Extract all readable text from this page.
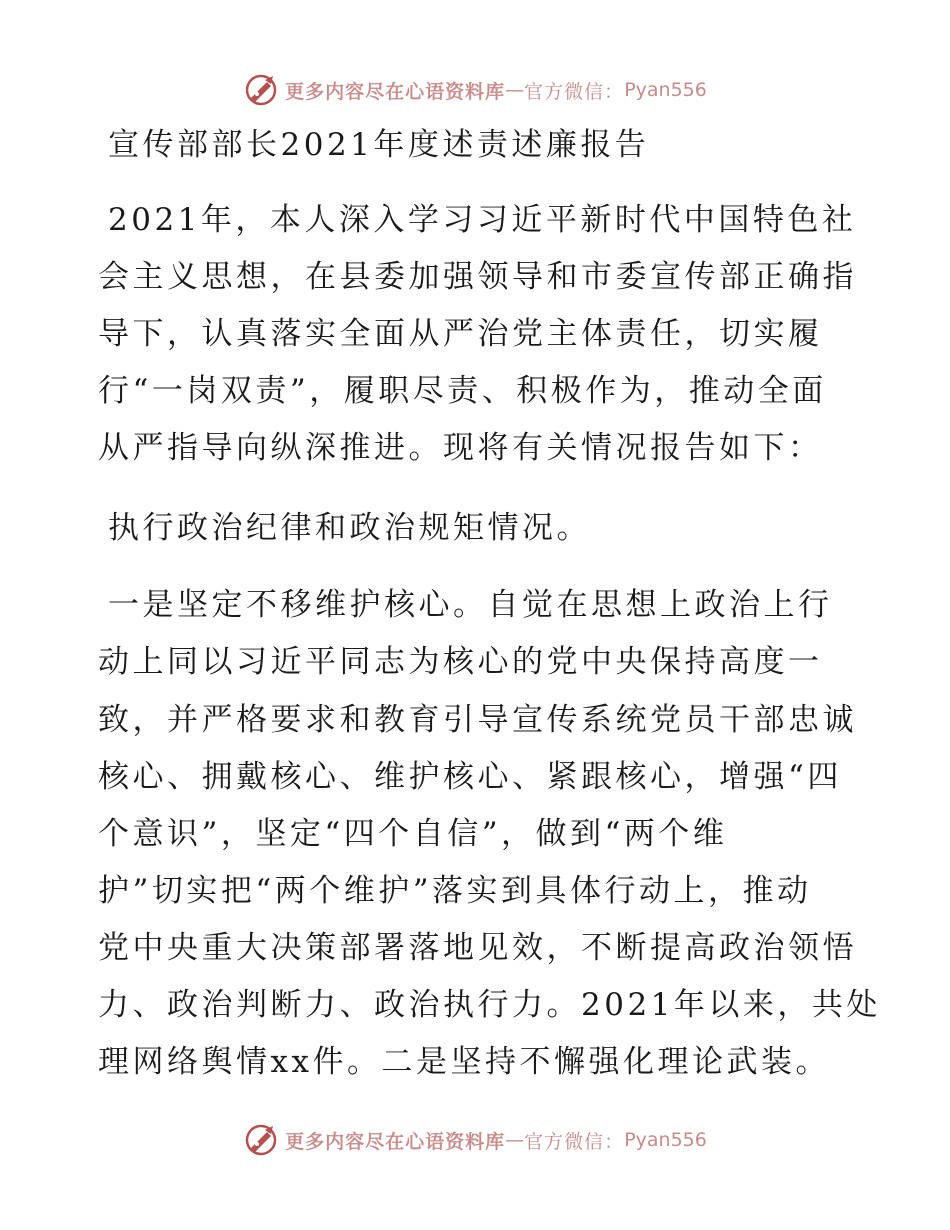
更多内容尽在心语资料库 — 官方微信： Pyan556
宣传部部长2021年度述责述廉报告
2021年，本人深入学习习近平新时代中国特色社
会主义思想，在县委加强领导和市委宣传部正确指
导下，认真落实全面从严治党主体责任，切实履
行“一岗双责”，履职尽责、积极作为，推动全面
从严指导向纵深推进。现将有关情况报告如下：
执行政治纪律和政治规矩情况。
一是坚定不移维护核心。自觉在思想上政治上行
动上同以习近平同志为核心的党中央保持高度一
致，并严格要求和教育引导宣传系统党员干部忠诚
核心、拥戴核心、维护核心、紧跟核心，增强“四
个意识”，坚定“四个自信”，做到“两个维
护”切实把“两个维护”落实到具体行动上，推动
党中央重大决策部署落地见效，不断提高政治领悟
力、政治判断力、政治执行力。2021年以来，共处
理网络舆情xx件。二是坚持不懈强化理论武装。
更多内容尽在心语资料库 — 官方微信： Pyan556
